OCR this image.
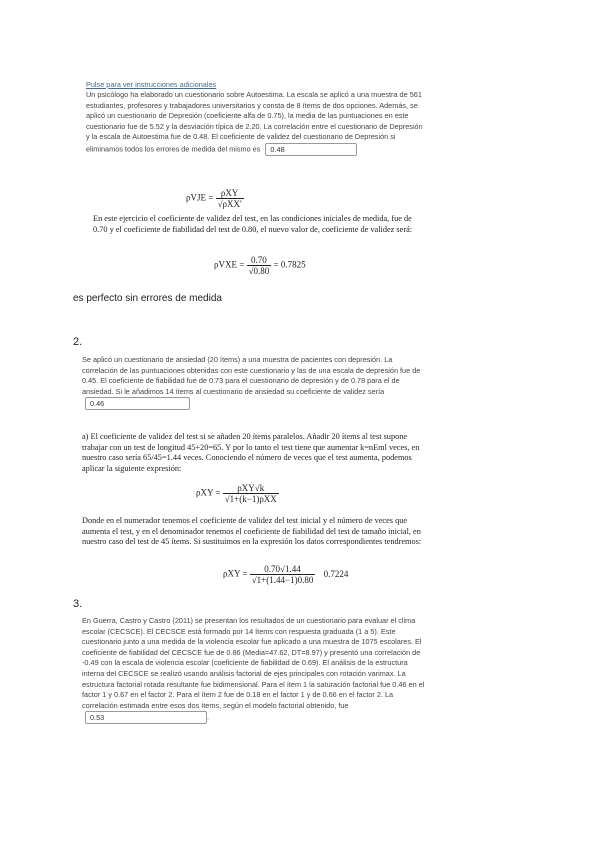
Pulse para ver instrucciones adicionales
Un psicólogo ha elaborado un cuestionario sobre Autoestima. La escala se aplicó a una muestra de 561 estudiantes, profesores y trabajadores universitarios y consta de 8 ítems de dos opciones. Además, se aplicó un cuestionario de Depresión (coeficiente alfa de 0.75), la media de las puntuaciones en este cuestionario fue de 5.52 y la desviación típica de 2.20. La correlación entre el cuestionario de Depresión y la escala de Autoestima fue de 0.48. El coeficiente de validez del cuestionario de Depresión si eliminamos todos los errores de medida del mismo es 0.48
$\rho VJE = \frac{\text{ρXY}}{\text{√ρXX'}}$
En este ejercicio el coeficiente de validez del test, en las condiciones iniciales de medida, fue de 0.70 y el coeficiente de fiabilidad del test de 0.80, el nuevo valor de, coeficiente de validez será:
$\rho VXE = \frac{0.70}{√0.80} = 0.7825$
es perfecto sin errores de medida
2.
Se aplicó un cuestionario de ansiedad (20 ítems) a una muestra de pacientes con depresión. La correlación de las puntuaciones obtenidas con este cuestionario y las de una escala de depresión fue de 0.45. El coeficiente de fiabilidad fue de 0.73 para el cuestionario de depresión y de 0.78 para el de ansiedad. Si le añadimos 14 ítems al cuestionario de ansiedad su coeficiente de validez sería 0.46
a) El coeficiente de validez del test si se añaden 20 ítems paralelos. Añadir 20 ítems al test supone trabajar con un test de longitud 45+20=65. Y por lo tanto el test tiene que aumentar k=nEml veces, en nuestro caso sería 65/45=1.44 veces. Conociendo el número de veces que el test aumenta, podemos aplicar la siguiente expresión:
$\rho XY = \frac{\text{ρXY√k}}{\text{√1+(k−1)ρXX}}$
Donde en el numerador tenemos el coeficiente de validez del test inicial y el número de veces que aumenta el test, y en el denominador tenemos el coeficiente de fiabilidad del test de tamaño inicial, en nuestro caso del test de 45 ítems. Si sustituimos en la expresión los datos correspondientes tendremos:
$\rho XY = \frac{0.70√1.44}{√1+(1.44-1)0.80} 0.7224$
3.
En Guerra, Castro y Castro (2011) se presentan los resultados de un cuestionario para evaluar el clima escolar (CECSCE). El CECSCE está formado por 14 ítems con respuesta graduada (1 a 5). Este cuestionario junto a una medida de la violencia escolar fue aplicado a una muestra de 1075 escolares. El coeficiente de fiabilidad del CECSCE fue de 0.86 (Media=47.62, DT=8.97) y presentó una correlación de -0.49 con la escala de violencia escolar (coeficiente de fiabilidad de 0.69). El análisis de la estructura interna del CECSCE se realizó usando análisis factorial de ejes principales con rotación varimax. La estructura factorial rotada resultante fue bidimensional. Para el ítem 1 la saturación factorial fue 0.46 en el factor 1 y 0.67 en el factor 2. Para el ítem 2 fue de 0.18 en el factor 1 y de 0.66 en el factor 2. La correlación estimada entre esos dos ítems, según el modelo factorial obtenido, fue 0.53	.
